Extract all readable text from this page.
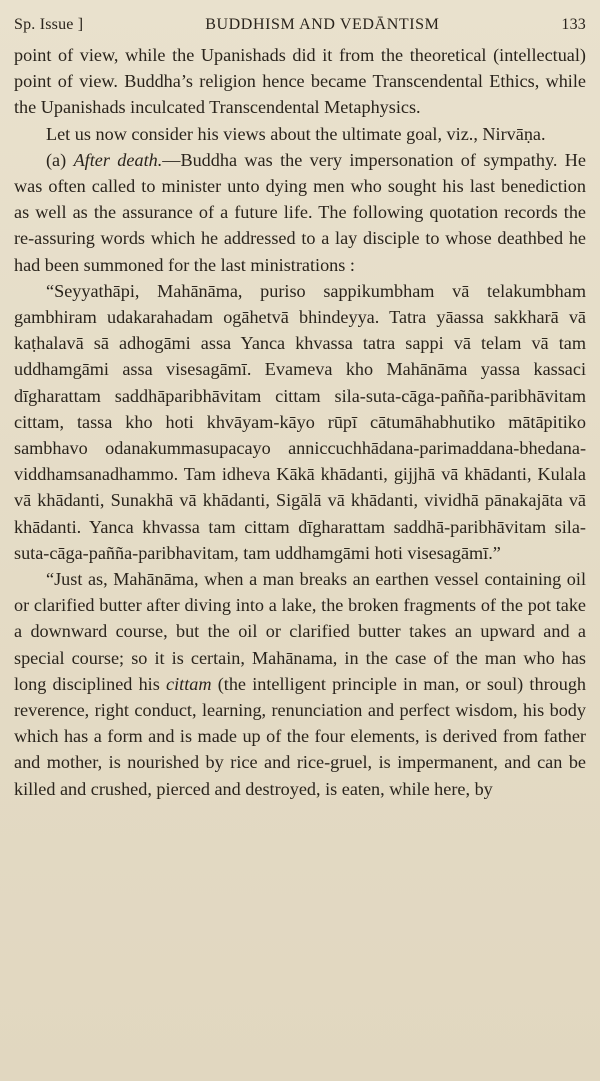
Sp. Issue ]	BUDDHISM AND VEDĀNTISM	133

point of view, while the Upanishads did it from the theoretical (intellectual) point of view. Buddha’s religion hence became Transcendental Ethics, while the Upanishads inculcated Transcendental Metaphysics.

Let us now consider his views about the ultimate goal, viz., Nirvāṇa.

(a) After death.—Buddha was the very impersonation of sympathy. He was often called to minister unto dying men who sought his last benediction as well as the assurance of a future life. The following quotation records the re-assuring words which he addressed to a lay disciple to whose deathbed he had been summoned for the last ministrations :

“Seyyathāpi, Mahānāma, puriso sappikumbham vā telakumbham gambhiram udakarahadam ogāhetvā bhindeyya. Tatra yāassa sakkharā vā kaṭhalavā sā adhogāmi assa Yanca khvassa tatra sappi vā telam vā tam uddhamgāmi assa visesagāmī. Evameva kho Mahānāma yassa kassaci dīgharattam saddhāparibhāvitam cittam sila-suta-cāga-pañña-paribhāvitam cittam, tassa kho hoti khvāyam-kāyo rūpī cātumāhabhutiko mātāpitiko sambhavo odanakummasupacayo anniccuchhādana-parimaddana-bhedana-viddhamsanadhammo. Tam idheva Kākā khādanti, gijjhā vā khādanti, Kulala vā khādanti, Sunakhā vā khādanti, Sigālā vā khādanti, vividhā pānakajāta vā khādanti. Yanca khvassa tam cittam dīgharattam saddhā-paribhāvitam sila-suta-cāga-pañña-paribhavitam, tam uddhamgāmi hoti visesagāmī.”

“Just as, Mahānāma, when a man breaks an earthen vessel containing oil or clarified butter after diving into a lake, the broken fragments of the pot take a downward course, but the oil or clarified butter takes an upward and a special course; so it is certain, Mahānama, in the case of the man who has long disciplined his cittam (the intelligent principle in man, or soul) through reverence, right conduct, learning, renunciation and perfect wisdom, his body which has a form and is made up of the four elements, is derived from father and mother, is nourished by rice and rice-gruel, is impermanent, and can be killed and crushed, pierced and destroyed, is eaten, while here, by
